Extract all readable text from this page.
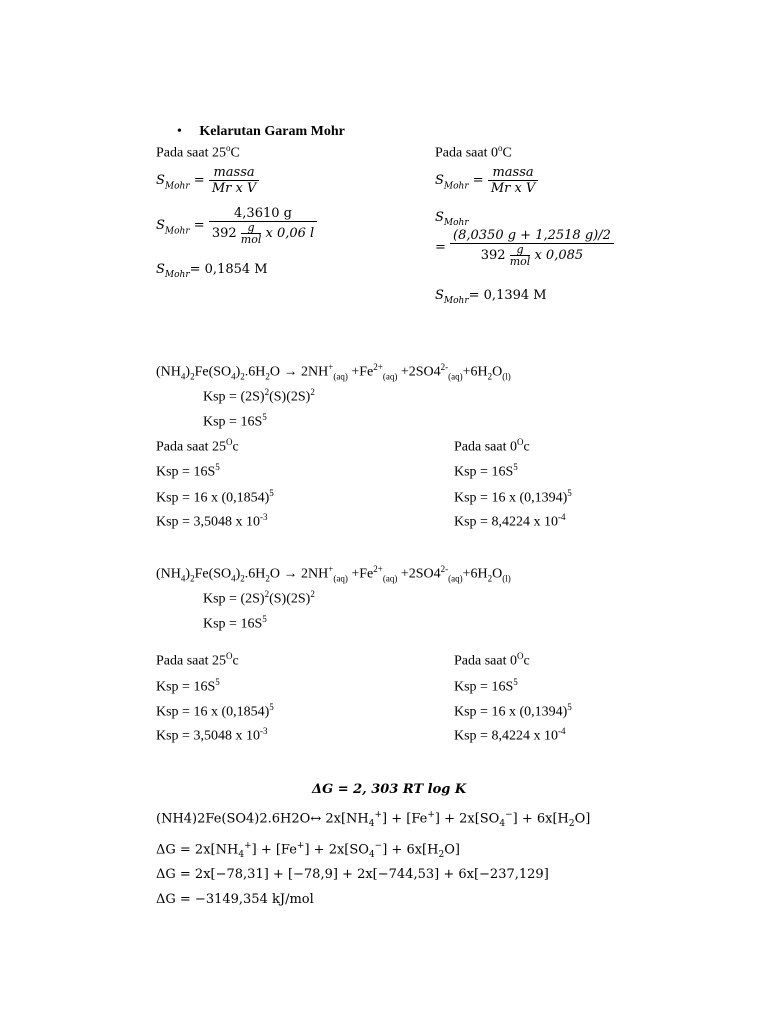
• Kelarutan Garam Mohr
Pada saat 25$^o$C
$S_{Mohr} = \frac{\text{massa}}{\text{Mr x V}}$
$S_{Mohr} = 4,3610$ g
392 g
mol x 0,06 l
$S_{Mohr}= 0,1854$ M
Pada saat 0$^o$C
$S_{Mohr} = \frac{\text{massa}}{\text{Mr x V}}$
$S_{Mohr}$
= (8,0350 g + 1,2518 g)/2
392 g
mol x 0,085
$S_{Mohr}= 0,1394$ M
$(NH_4)_2Fe(SO_4)_2.6H_2O \to 2NH^+_{(aq)} +Fe^{2+}_{(aq)} +2SO4^{2-}_{(aq)}+6H_2O_{(l)}$
Ksp = $(2S)^2(S)(2S)^2$
Ksp = $16S^5$
Pada saat $25^Oc$
Ksp = $16S^5$
Ksp = 16 x $(0,1854)^5$
Ksp = 3,5048 x $10^{-3}$
Pada saat $0^Oc$
Ksp = $16S^5$
Ksp = 16 x $(0,1394)^5$
Ksp = 8,4224 x $10^{-4}$
$(NH_4)_2Fe(SO_4)_2.6H_2O \to 2NH^+_{(aq)} +Fe^{2+}_{(aq)} +2SO4^{2-}_{(aq)}+6H_2O_{(l)}$
Ksp = $(2S)^2(S)(2S)^2$
Ksp = $16S^5$
Pada saat $25^Oc$
Ksp = $16S^5$
Ksp = 16 x $(0,1854)^5$
Ksp = 3,5048 x $10^{-3}$
Pada saat $0^Oc$
Ksp = $16S^5$
Ksp = 16 x $(0,1394)^5$
Ksp = 8,4224 x $10^{-4}$
ΔG = 2, 303 RT log K
(NH4)2Fe(SO4)2.6H2O↔ $2x[NH_4^+] + [Fe^+] + 2x[SO_4^-] + 6x[H_2O]$
$\Delta G = 2x[NH_4^+] + [Fe^+] + 2x[SO_4^-] + 6x[H_2O]$
ΔG = 2x[−78,31] + [−78,9] + 2x[−744,53] + 6x[−237,129]
ΔG = −3149,354 kJ/mol
